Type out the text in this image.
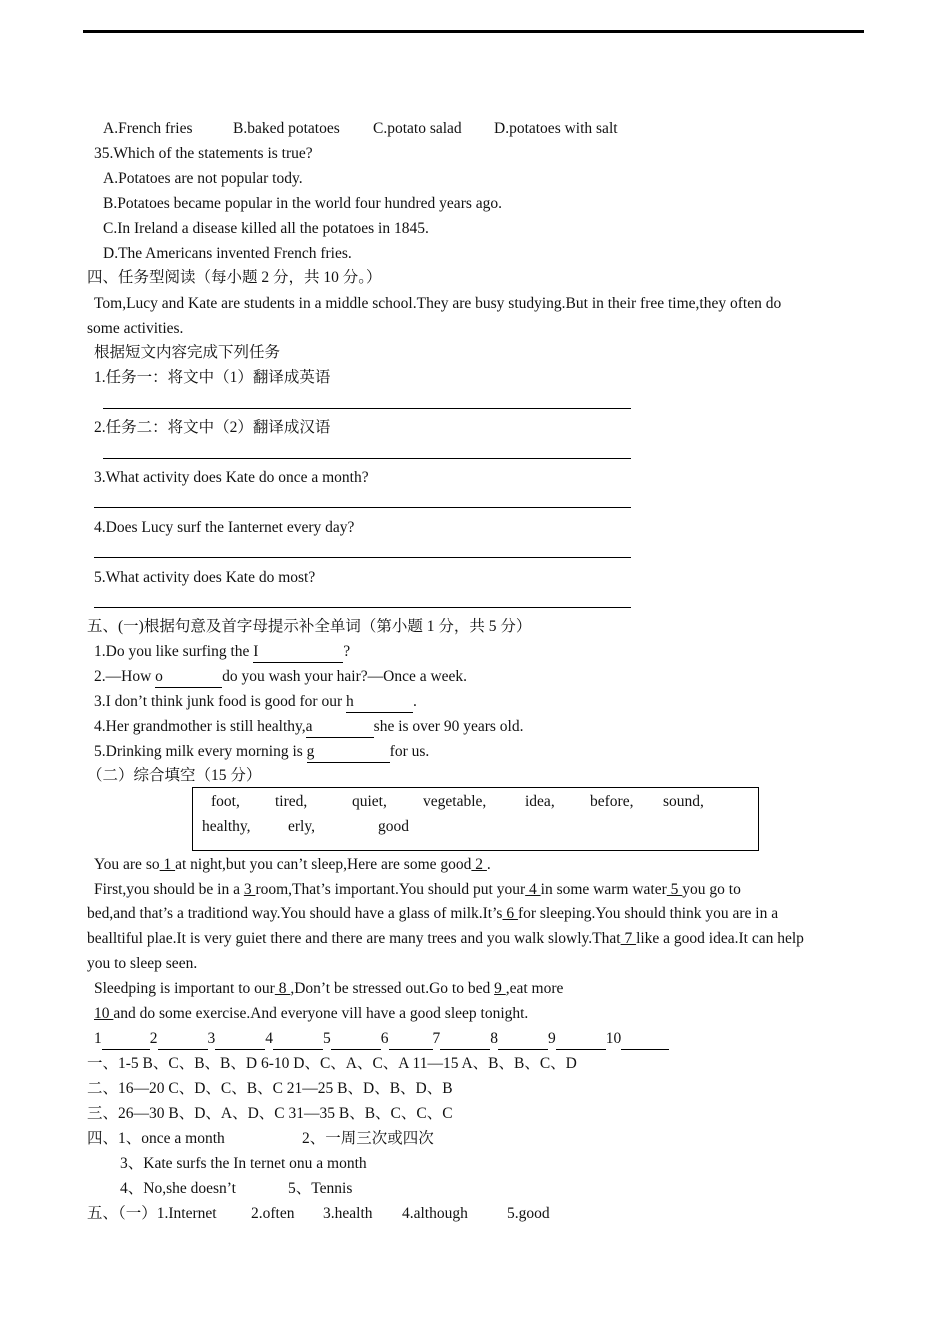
A.French fries	B.baked potatoes C.potato salad D.potatoes with salt
35.Which of the statements is true?
A.Potatoes are not popular tody.
B.Potatoes became popular in the world four hundred years ago.
C.In Ireland a disease killed all the potatoes in 1845.
D.The Americans invented French fries.
四、任务型阅读（每小题 2 分，共 10 分。）
Tom,Lucy and Kate are students in a middle school.They are busy studying.But in their free time,they often do
some activities.
根据短文内容完成下列任务
1.任务一：将文中（1）翻译成英语
2.任务二：将文中（2）翻译成汉语
3.What activity does Kate do once a month?
4.Does Lucy surf the Ianternet every day?
5.What activity does Kate do most?
五、(一)根据句意及首字母提示补全单词（第小题 1 分，共 5 分）
1.Do you like surfing the I	?
2.—How o	do you wash your hair?—Once a week.
3.I don’t think junk food is good for our h	.
4.Her grandmother is still healthy,a	she is over 90 years old.
5.Drinking milk every morning is g	for us.
（二）综合填空（15 分）
foot, tired,	quiet, vegetable, idea, before, sound,
healthy, erly,	good
You are so 1 at night,but you can’t sleep,Here are some good 2 .
First,you should be in a 3 room,That’s important.You should put your 4 in some warm water 5 you go to
bed,and that’s a traditiond way.You should have a glass of milk.It’s 6 for sleeping.You should think you are in a
bealltiful plae.It is very guiet there and there are many trees and you walk slowly.That 7 like a good idea.It can help
you to sleep seen.
Sleedping is important to our 8 ,Don’t be stressed out.Go to bed 9 ,eat more
10 and do some exercise.And everyone vill have a good sleep tonight.
1	2	3	4	5	6	7	8	9	10
一、1-5 B、C、B、B、D 6-10 D、C、A、C、A 11—15 A、B、B、C、D
二、16—20 C、D、C、B、C 21—25 B、D、B、D、B
三、26—30 B、D、A、D、C 31—35 B、B、C、C、C
四、1、once a month	2、一周三次或四次
3、Kate surfs the In ternet onu a month
4、No,she doesn’t	5、Tennis
五、（一）1.Internet 2.often 3.health 4.although	5.good
